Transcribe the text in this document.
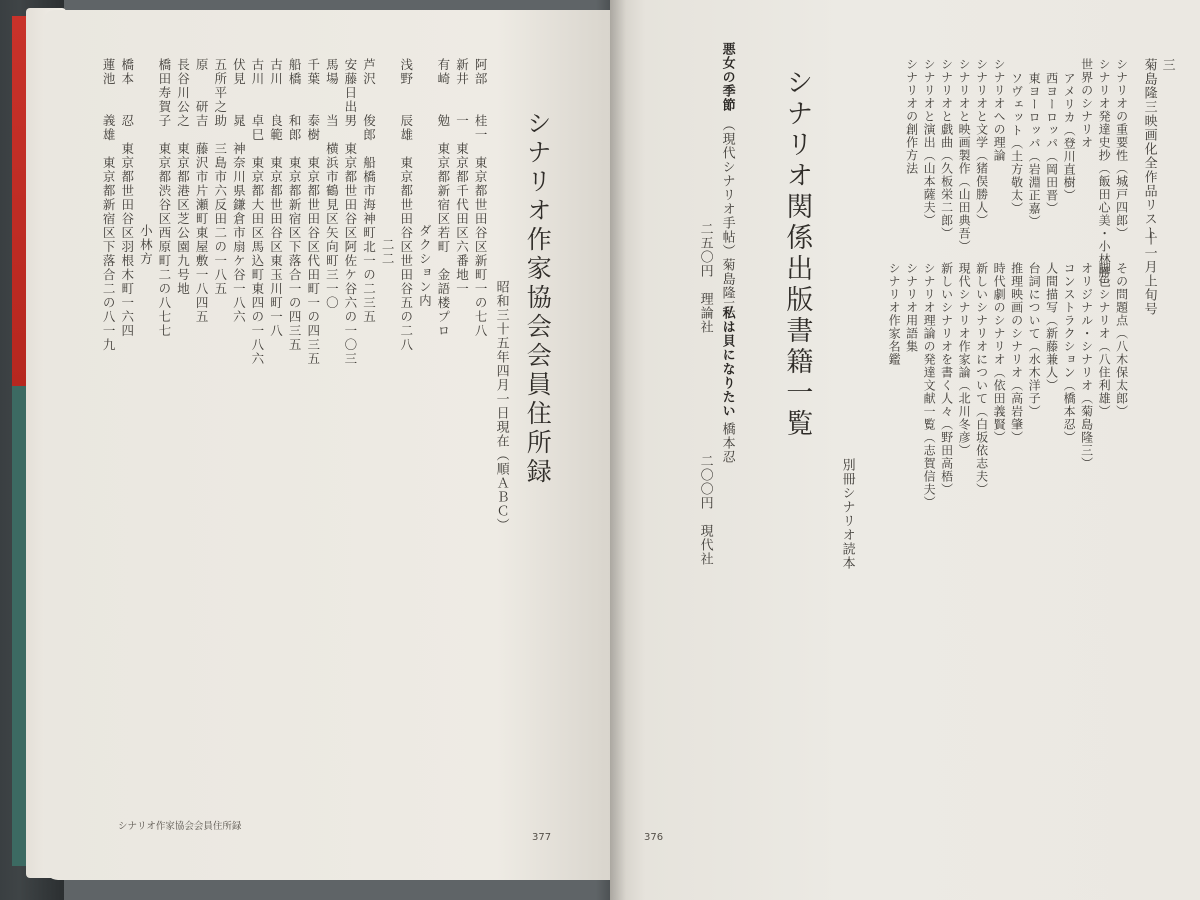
三
菊島隆三映画化全作品リスト
十一月上旬号
シナリオの重要性（城戸四郎）
シナリオ発達史抄（飯田心美・小林勝）
世界のシナリオ
アメリカ（登川直樹）
西ヨーロッパ（岡田晋）
東ヨーロッパ（岩淵正嘉）
ソヴェット（土方敬太）
シナリオへの理論
シナリオと文学（猪俣勝人）
シナリオと映画製作（山田典吾）
シナリオと戯曲（久板栄二郎）
シナリオと演出（山本薩夫）
シナリオの創作方法
その問題点（八木保太郎）
脚色シナリオ（八住利雄）
オリジナル・シナリオ（菊島隆三）
コンストラクション（橋本忍）
人間描写（新藤兼人）
台詞について（水木洋子）
推理映画のシナリオ（高岩肇）
時代劇のシナリオ（依田義賢）
新しいシナリオについて（白坂依志夫）
現代シナリオ作家論（北川冬彦）
新しいシナリオを書く人々（野田高梧）
シナリオ理論の発達文献一覧（志賀信夫）
シナリオ用語集
シナリオ作家名鑑
別冊シナリオ読本
シナリオ関係出版書籍一覧
悪女の季節
（現代シナリオ手帖）菊島隆三
二五〇円　理論社
私は貝になりたい
橋本忍
二〇〇円　現代社
376
シナリオ作家協会会員住所録
昭和三十五年四月一日現在（順ＡＢＣ）
阿部　　桂一　東京都世田谷区新町一の七八
新井　　一　東京都千代田区六番地一
有崎　　勉　東京都新宿区若町　金語楼プロ
　　　　　　ダクション内
浅野　　辰雄　東京都世田谷区世田谷五の二八
　　　　　　　二二
芦沢　　俊郎　船橋市海神町北一の二三五
安藤日出男　東京都世田谷区阿佐ケ谷六の一〇三
馬場　　当　横浜市鶴見区矢向町三一〇
千葉　　泰樹　東京都世田谷区代田町一の四三五
船橋　　和郎　東京都新宿区下落合一の四三五
古川　　良範　東京都世田谷区東玉川町一八
古川　　卓巳　東京都大田区馬込町東四の一八六
伏見　　晁　神奈川県鎌倉市扇ケ谷一八六
五所平之助　三島市六反田二の一八五
原　　研吉　藤沢市片瀬町東屋敷一八四五
長谷川公之　東京都港区芝公園九号地
橋田寿賀子　東京都渋谷区西原町二の八七七
　　　　　　小林方
橋本　　忍　東京都世田谷区羽根木町一六四
蓮池　　義雄　東京都新宿区下落合二の八一九
377
シナリオ作家協会会員住所録
